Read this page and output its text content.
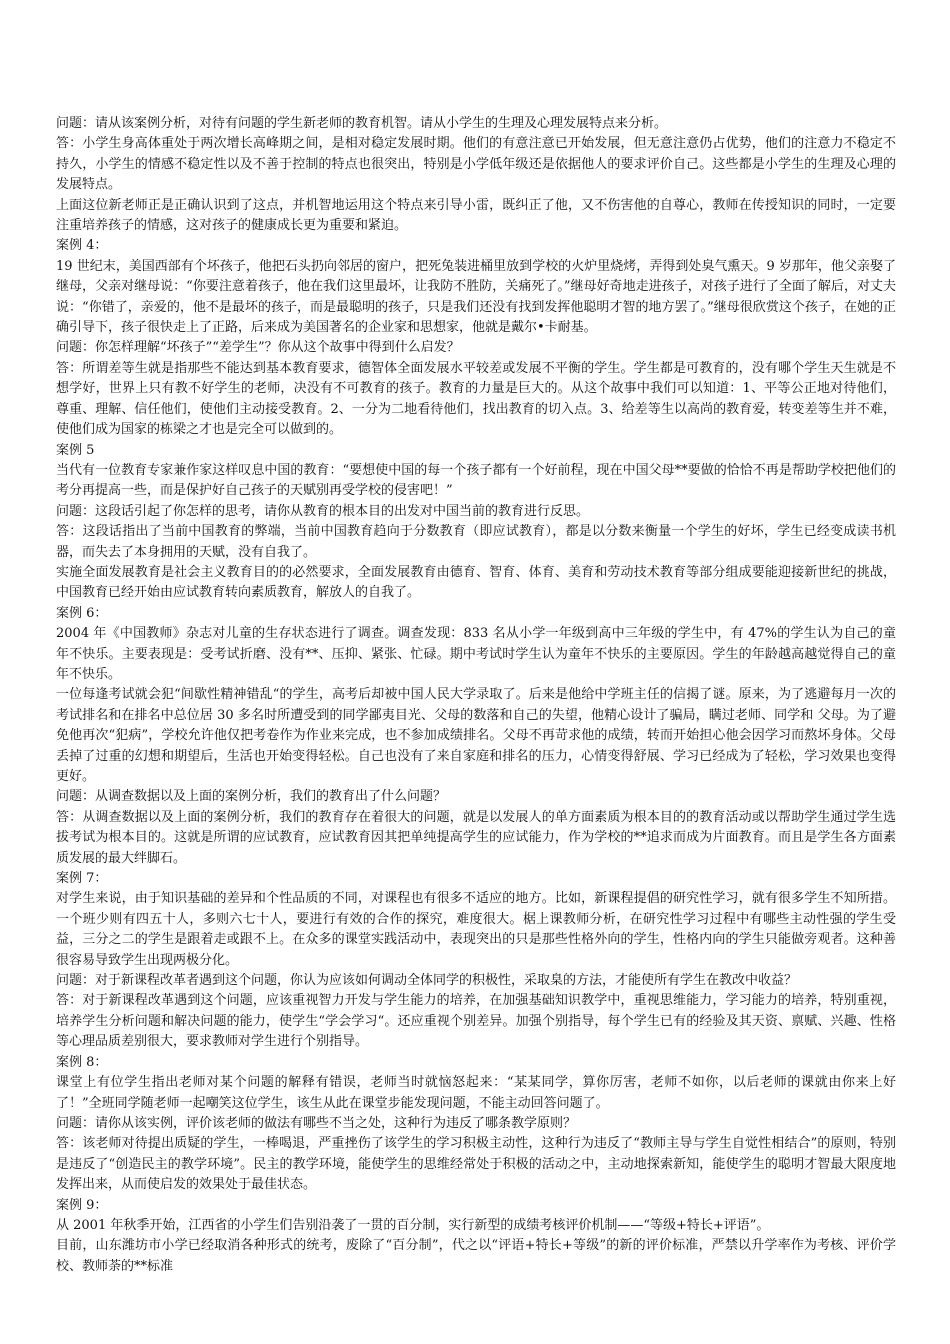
问题：请从该案例分析，对待有问题的学生新老师的教育机智。请从小学生的生理及心理发展特点来分析。

答：小学生身高体重处于两次增长高峰期之间，是相对稳定发展时期。他们的有意注意已开始发展，但无意注意仍占优势，他们的注意力不稳定不持久，小学生的情感不稳定性以及不善于控制的特点也很突出，特别是小学低年级还是依据他人的要求评价自己。这些都是小学生的生理及心理的发展特点。

上面这位新老师正是正确认识到了这点，并机智地运用这个特点来引导小雷，既纠正了他，又不伤害他的自尊心，教师在传授知识的同时，一定要注重培养孩子的情感，这对孩子的健康成长更为重要和紧迫。

案例 4：

19 世纪末，美国西部有个坏孩子，他把石头扔向邻居的窗户，把死兔装进桶里放到学校的火炉里烧烤，弄得到处臭气熏天。9 岁那年，他父亲娶了继母，父亲对继母说：“你要注意着孩子，他在我们这里最坏，让我防不胜防，关痛死了。”继母好奇地走进孩子，对孩子进行了全面了解后，对丈夫说：“你错了，亲爱的，他不是最坏的孩子，而是最聪明的孩子，只是我们还没有找到发挥他聪明才智的地方罢了。”继母很欣赏这个孩子，在她的正确引导下，孩子很快走上了正路，后来成为美国著名的企业家和思想家，他就是戴尔•卡耐基。

问题：你怎样理解“坏孩子”“差学生”？你从这个故事中得到什么启发？

答：所谓差等生就是指那些不能达到基本教育要求，德智体全面发展水平较差或发展不平衡的学生。学生都是可教育的，没有哪个学生天生就是不想学好，世界上只有教不好学生的老师，决没有不可教育的孩子。教育的力量是巨大的。从这个故事中我们可以知道：1、平等公正地对待他们，尊重、理解、信任他们，使他们主动接受教育。2、一分为二地看待他们，找出教育的切入点。3、给差等生以高尚的教育爱，转变差等生并不难，使他们成为国家的栋梁之才也是完全可以做到的。

案例 5

当代有一位教育专家兼作家这样叹息中国的教育：“要想使中国的每一个孩子都有一个好前程，现在中国父母**要做的恰恰不再是帮助学校把他们的考分再提高一些，而是保护好自己孩子的天赋别再受学校的侵害吧！”

问题：这段话引起了你怎样的思考，请你从教育的根本目的出发对中国当前的教育进行反思。

答：这段话指出了当前中国教育的弊端，当前中国教育趋向于分数教育（即应试教育），都是以分数来衡量一个学生的好坏，学生已经变成读书机器，而失去了本身拥用的天赋，没有自我了。

实施全面发展教育是社会主义教育目的的必然要求，全面发展教育由德育、智育、体育、美育和劳动技术教育等部分组成要能迎接新世纪的挑战，中国教育已经开始由应试教育转向素质教育，解放人的自我了。

案例 6：

2004 年《中国教师》杂志对儿童的生存状态进行了调查。调查发现：833 名从小学一年级到高中三年级的学生中，有 47%的学生认为自己的童年不快乐。主要表现是：受考试折磨、没有**、压抑、紧张、忙碌。期中考试时学生认为童年不快乐的主要原因。学生的年龄越高越觉得自己的童年不快乐。

一位每逢考试就会犯“间歇性精神错乱“的学生，高考后却被中国人民大学录取了。后来是他给中学班主任的信揭了谜。原来，为了逃避每月一次的考试排名和在排名中总位居 30 多名时所遭受到的同学鄙夷目光、父母的数落和自己的失望，他精心设计了骗局，瞒过老师、同学和 父母。为了避免他再次“犯病”，学校允许他仅把考卷作为作业来完成，也不参加成绩排名。父母不再苛求他的成绩，转而开始担心他会因学习而熬坏身体。父母丢掉了过重的幻想和期望后，生活也开始变得轻松。自己也没有了来自家庭和排名的压力，心情变得舒展、学习已经成为了轻松，学习效果也变得更好。

问题：从调查数据以及上面的案例分析，我们的教育出了什么问题？

答：从调查数据以及上面的案例分析，我们的教育存在着很大的问题，就是以发展人的单方面素质为根本目的的教育活动或以帮助学生通过学生选拔考试为根本目的。这就是所谓的应试教育，应试教育因其把单纯提高学生的应试能力，作为学校的**追求而成为片面教育。而且是学生各方面素质发展的最大绊脚石。

案例 7：

对学生来说，由于知识基础的差异和个性品质的不同，对课程也有很多不适应的地方。比如，新课程提倡的研究性学习，就有很多学生不知所措。一个班少则有四五十人，多则六七十人，要进行有效的合作的探究，难度很大。椐上课教师分析，在研究性学习过程中有哪些主动性强的学生受益，三分之二的学生是跟着走或跟不上。在众多的课堂实践活动中，表现突出的只是那些性格外向的学生，性格内向的学生只能做旁观者。这种善很容易导致学生出现两极分化。

问题：对于新课程改革者遇到这个问题，你认为应该如何调动全体同学的积极性，采取臬的方法，才能使所有学生在教改中收益？

答：对于新课程改革遇到这个问题，应该重视智力开发与学生能力的培养，在加强基础知识教学中，重视思维能力，学习能力的培养，特别重视，培养学生分析问题和解决问题的能力，使学生“学会学习“。还应重视个别差异。加强个别指导，每个学生已有的经验及其天资、禀赋、兴趣、性格等心理品质差别很大，要求教师对学生进行个别指导。

案例 8：

课堂上有位学生指出老师对某个问题的解释有错误，老师当时就恼怒起来：“某某同学，算你厉害，老师不如你，以后老师的课就由你来上好了！”全班同学随老师一起嘲笑这位学生，该生从此在课堂步能发现问题，不能主动回答问题了。

问题：请你从该实例，评价该老师的做法有哪些不当之处，这种行为违反了哪条教学原则？

答：该老师对待提出质疑的学生，一棒喝退，严重挫伤了该学生的学习积极主动性，这种行为违反了“教师主导与学生自觉性相结合”的原则，特别是违反了“创造民主的教学环境”。民主的教学环境，能使学生的思维经常处于积极的活动之中，主动地探索新知，能使学生的聪明才智最大限度地发挥出来，从而使启发的效果处于最佳状态。

案例 9：

从 2001 年秋季开始，江西省的小学生们告别沿袭了一贯的百分制，实行新型的成绩考核评价机制——“等级+特长+评语”。

目前，山东潍坊市小学已经取消各种形式的统考，废除了“百分制”，代之以“评语+特长+等级”的新的评价标准，严禁以升学率作为考核、评价学校、教师荼的**标准
